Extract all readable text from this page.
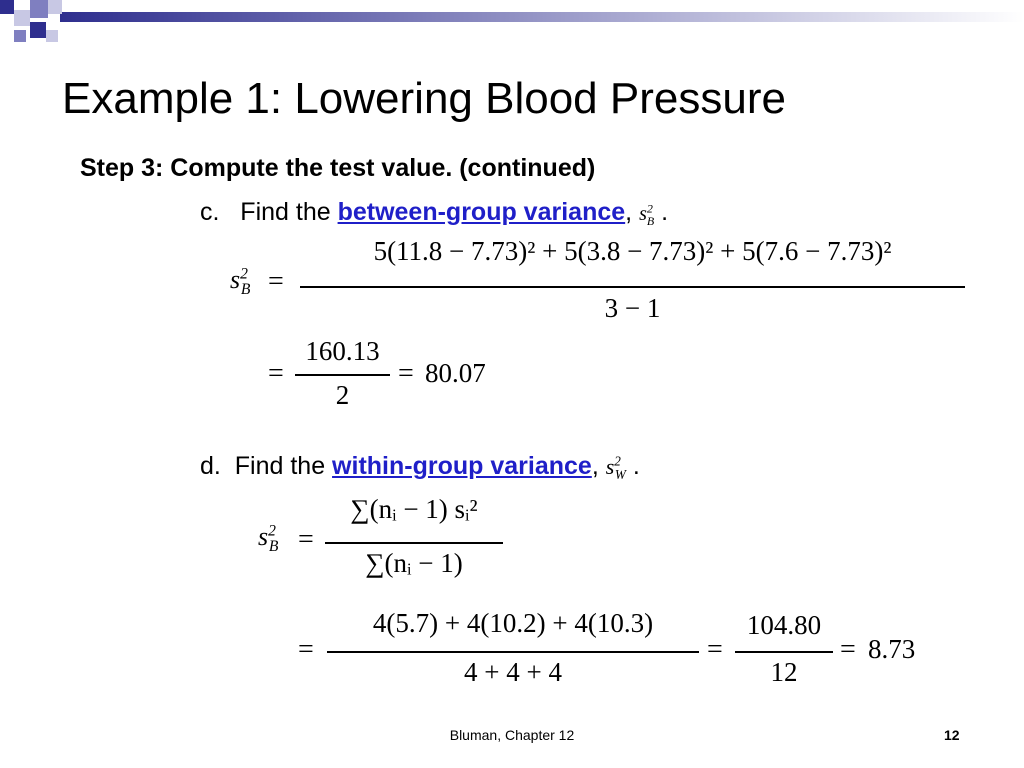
Example 1: Lowering Blood Pressure
Step 3: Compute the test value. (continued)
c. Find the between-group variance, $s^2_B$ .
$s^2_B$ =
5(11.8 − 7.73)² + 5(3.8 − 7.73)² + 5(7.6 − 7.73)²
3 − 1
=
160.13
2
= 80.07
d. Find the within-group variance, $s^2_W$ .
$s^2_B$ =
∑(nᵢ − 1) sᵢ²
∑(nᵢ − 1)
=
4(5.7) + 4(10.2) + 4(10.3)
4 + 4 + 4
=
104.80
12
= 8.73
Bluman, Chapter 12	12
